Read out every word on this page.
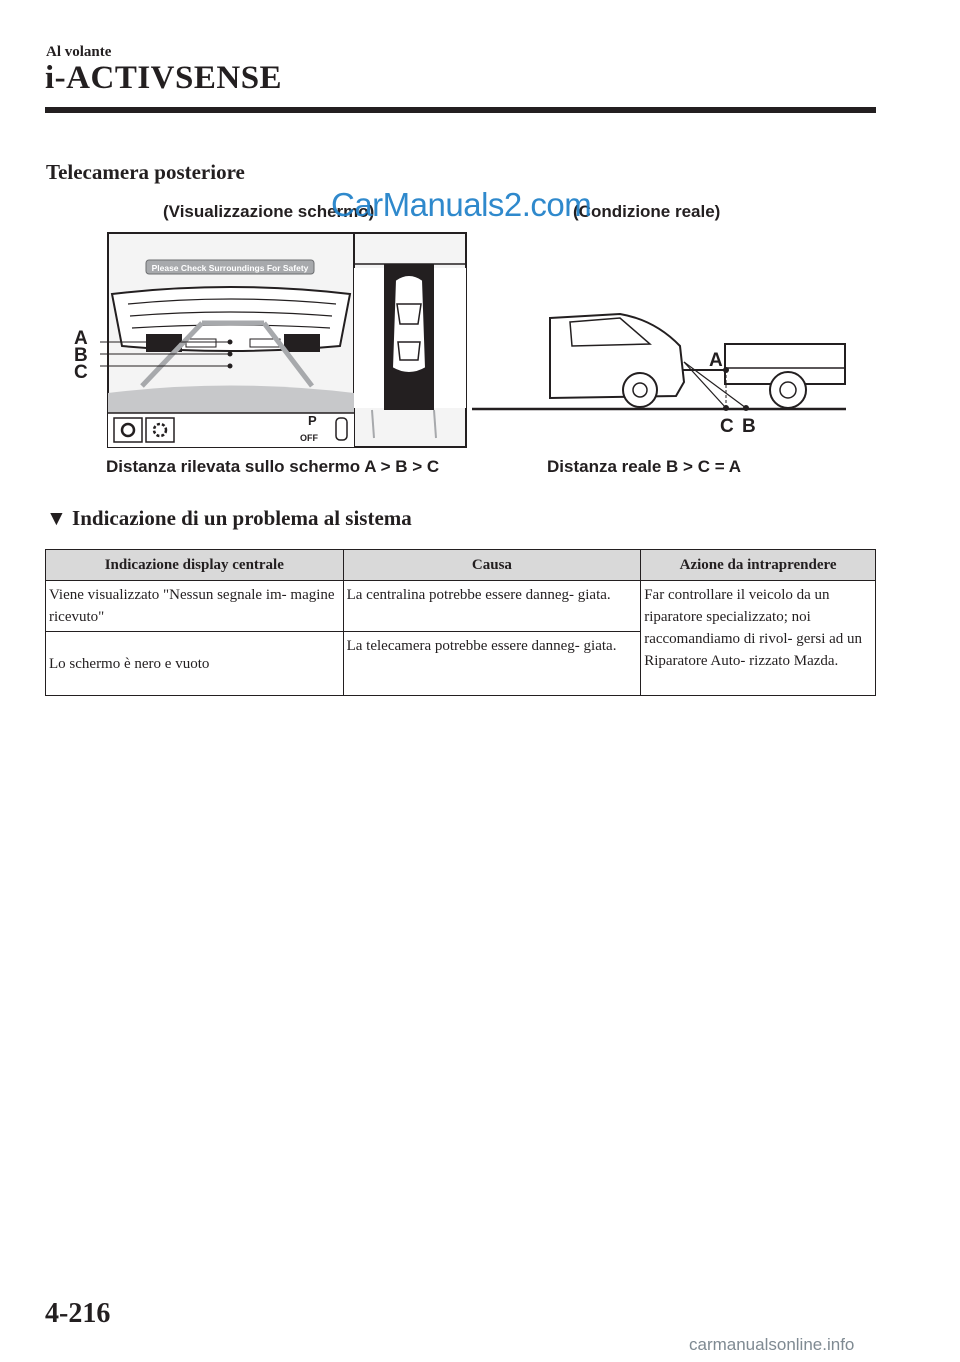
Al volante
i-ACTIVSENSE
Telecamera posteriore
(Visualizzazione schermo)	(Condizione reale)
Please Check Surroundings For Safety
P
OFF
A
B
C
A
C B
Distanza rilevata sullo schermo A > B > C	Distanza reale B > C = A
▼ Indicazione di un problema al sistema
Indicazione display centrale	Causa	Azione da intraprendere
Viene visualizzato "Nessun segnale im- magine ricevuto"	La centralina potrebbe essere danneg- giata.	Far controllare il veicolo da un riparatore specializzato; noi raccomandiamo di rivol- gersi ad un Riparatore Auto- rizzato Mazda.
Lo schermo è nero e vuoto	La telecamera potrebbe essere danneg- giata.	
4-216
CarManuals2.com
carmanualsonline.info
